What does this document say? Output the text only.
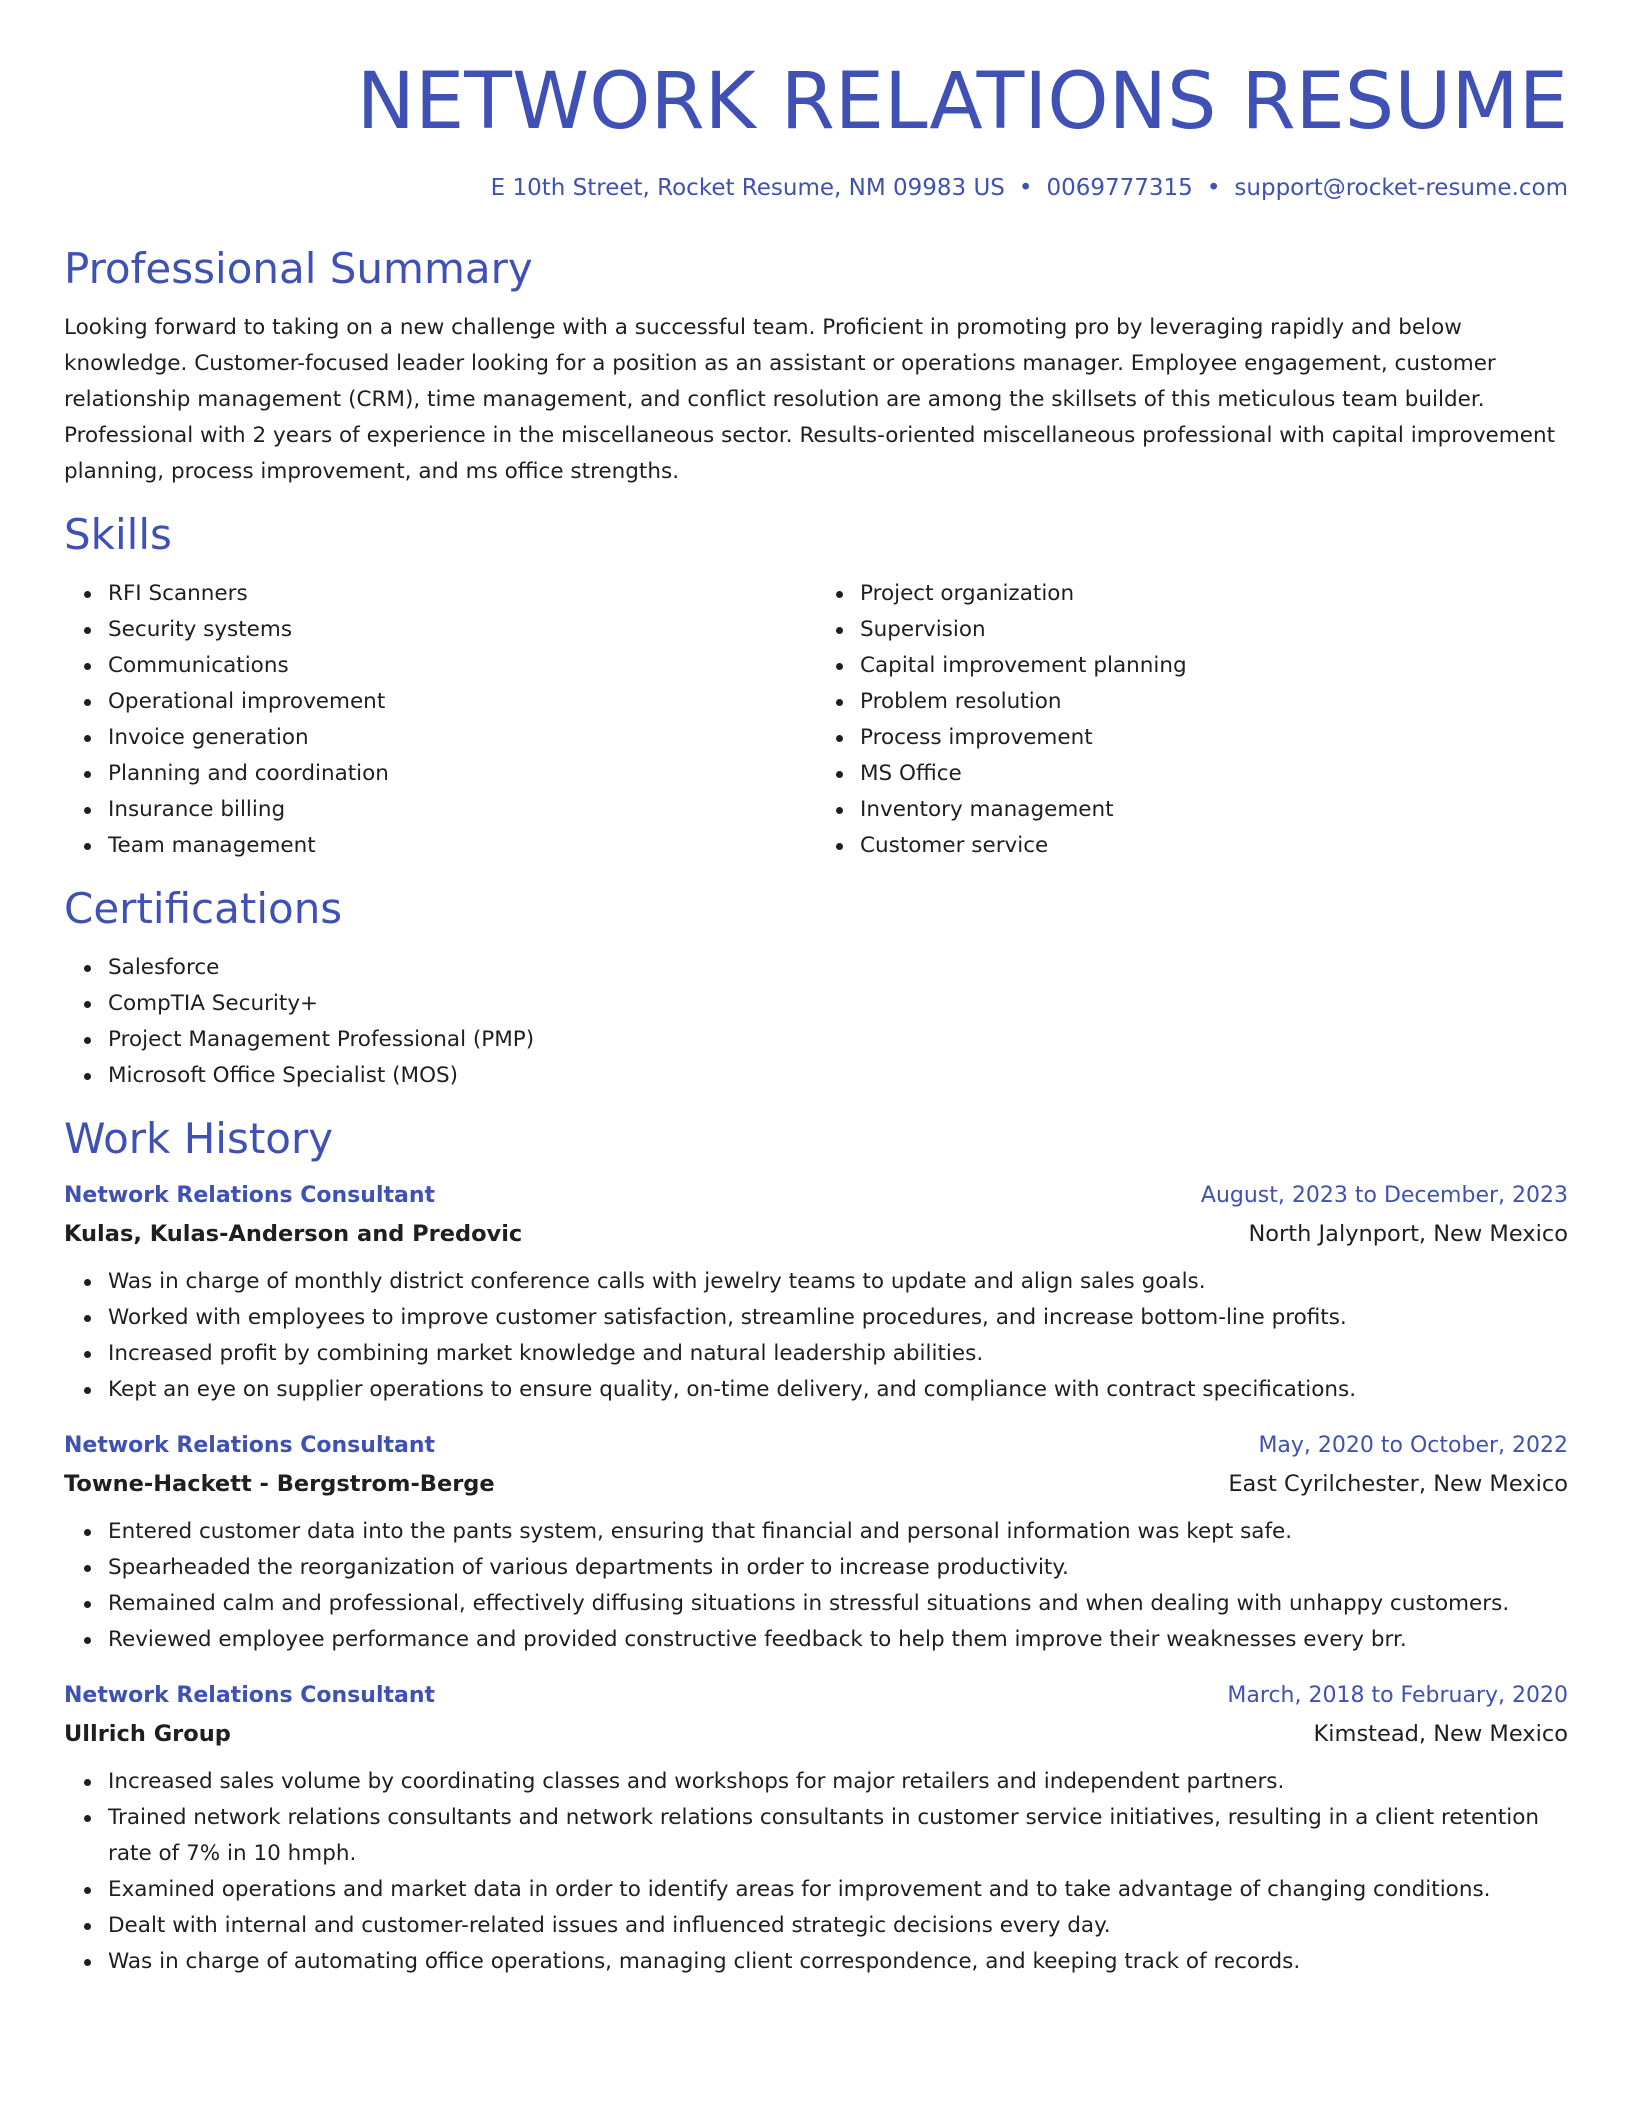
NETWORK RELATIONS RESUME
E 10th Street, Rocket Resume, NM 09983 US • 0069777315 • support@rocket-resume.com
Professional Summary

Looking forward to taking on a new challenge with a successful team. Proficient in promoting pro by leveraging rapidly and below knowledge. Customer-focused leader looking for a position as an assistant or operations manager. Employee engagement, customer relationship management (CRM), time management, and conflict resolution are among the skillsets of this meticulous team builder. Professional with 2 years of experience in the miscellaneous sector. Results-oriented miscellaneous professional with capital improvement planning, process improvement, and ms office strengths.

Skills
RFI Scanners
Security systems
Communications
Operational improvement
Invoice generation
Planning and coordination
Insurance billing
Team management
Project organization
Supervision
Capital improvement planning
Problem resolution
Process improvement
MS Office
Inventory management
Customer service
Certifications
Salesforce
CompTIA Security+
Project Management Professional (PMP)
Microsoft Office Specialist (MOS)
Work History
Network Relations Consultant	August, 2023 to December, 2023
Kulas, Kulas-Anderson and Predovic	North Jalynport, New Mexico
Was in charge of monthly district conference calls with jewelry teams to update and align sales goals.
Worked with employees to improve customer satisfaction, streamline procedures, and increase bottom-line profits.
Increased profit by combining market knowledge and natural leadership abilities.
Kept an eye on supplier operations to ensure quality, on-time delivery, and compliance with contract specifications.
Network Relations Consultant	May, 2020 to October, 2022
Towne-Hackett - Bergstrom-Berge	East Cyrilchester, New Mexico
Entered customer data into the pants system, ensuring that financial and personal information was kept safe.
Spearheaded the reorganization of various departments in order to increase productivity.
Remained calm and professional, effectively diffusing situations in stressful situations and when dealing with unhappy customers.
Reviewed employee performance and provided constructive feedback to help them improve their weaknesses every brr.
Network Relations Consultant	March, 2018 to February, 2020
Ullrich Group	Kimstead, New Mexico
Increased sales volume by coordinating classes and workshops for major retailers and independent partners.
Trained network relations consultants and network relations consultants in customer service initiatives, resulting in a client retention rate of 7% in 10 hmph.
Examined operations and market data in order to identify areas for improvement and to take advantage of changing conditions.
Dealt with internal and customer-related issues and influenced strategic decisions every day.
Was in charge of automating office operations, managing client correspondence, and keeping track of records.
